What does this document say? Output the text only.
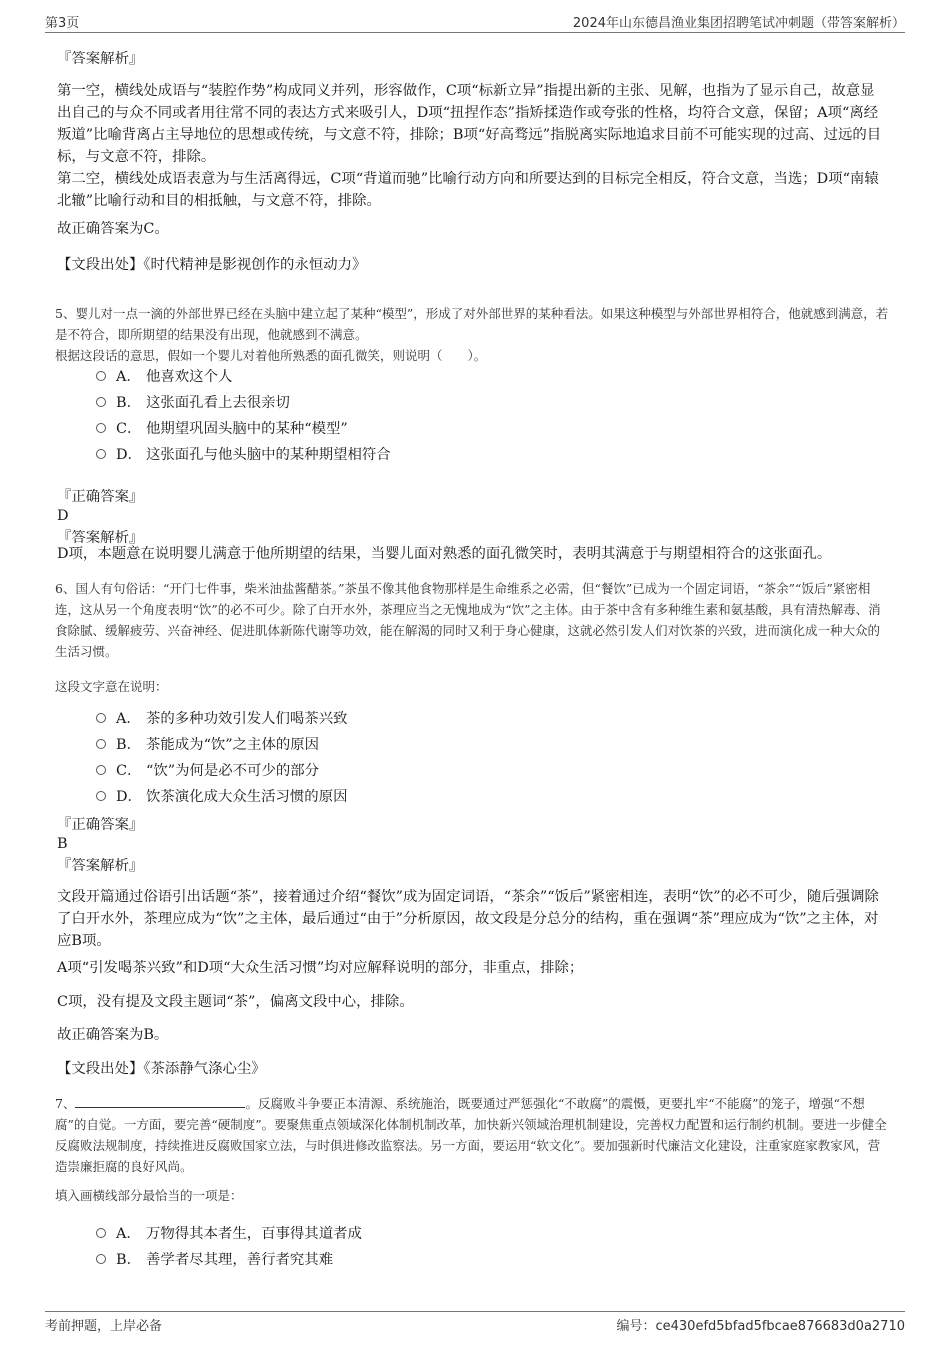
第3页	2024年山东德昌渔业集团招聘笔试冲刺题（带答案解析）
『答案解析』
第一空，横线处成语与“装腔作势”构成同义并列，形容做作，C项“标新立异”指提出新的主张、见解，也指为了显示自己，故意显出自己的与众不同或者用往常不同的表达方式来吸引人，D项“扭捏作态”指矫揉造作或夸张的性格，均符合文意，保留；A项“离经叛道”比喻背离占主导地位的思想或传统，与文意不符，排除；B项“好高骛远”指脱离实际地追求目前不可能实现的过高、过远的目标，与文意不符，排除。
第二空，横线处成语表意为与生活离得远，C项“背道而驰”比喻行动方向和所要达到的目标完全相反，符合文意，当选；D项“南辕北辙”比喻行动和目的相抵触，与文意不符，排除。
故正确答案为C。
【文段出处】《时代精神是影视创作的永恒动力》
5、婴儿对一点一滴的外部世界已经在头脑中建立起了某种“模型”，形成了对外部世界的某种看法。如果这种模型与外部世界相符合，他就感到满意，若是不符合，即所期望的结果没有出现，他就感到不满意。
根据这段话的意思，假如一个婴儿对着他所熟悉的面孔微笑，则说明（　　）。
A． 他喜欢这个人
B． 这张面孔看上去很亲切
C． 他期望巩固头脑中的某种“模型”
D． 这张面孔与他头脑中的某种期望相符合
『正确答案』
D
『答案解析』
D项，本题意在说明婴儿满意于他所期望的结果，当婴儿面对熟悉的面孔微笑时，表明其满意于与期望相符合的这张面孔。
6、国人有句俗话：“开门七件事，柴米油盐酱醋茶。”茶虽不像其他食物那样是生命维系之必需，但“餐饮”已成为一个固定词语，“茶余”“饭后”紧密相连，这从另一个角度表明“饮”的必不可少。除了白开水外，茶理应当之无愧地成为“饮”之主体。由于茶中含有多种维生素和氨基酸，具有清热解毒、消食除腻、缓解疲劳、兴奋神经、促进肌体新陈代谢等功效，能在解渴的同时又利于身心健康，这就必然引发人们对饮茶的兴致，进而演化成一种大众的生活习惯。
这段文字意在说明：
A． 茶的多种功效引发人们喝茶兴致
B． 茶能成为“饮”之主体的原因
C． “饮”为何是必不可少的部分
D． 饮茶演化成大众生活习惯的原因
『正确答案』
B
『答案解析』
文段开篇通过俗语引出话题“茶”，接着通过介绍“餐饮”成为固定词语，“茶余”“饭后”紧密相连，表明“饮”的必不可少，随后强调除了白开水外，茶理应成为“饮”之主体，最后通过“由于”分析原因，故文段是分总分的结构，重在强调“茶”理应成为“饮”之主体，对应B项。
A项“引发喝茶兴致”和D项“大众生活习惯”均对应解释说明的部分，非重点，排除；
C项，没有提及文段主题词“茶”，偏离文段中心，排除。
故正确答案为B。
【文段出处】《茶添静气涤心尘》
7、	。反腐败斗争要正本清源、系统施治，既要通过严惩强化“不敢腐”的震慑，更要扎牢“不能腐”的笼子，增强“不想腐”的自觉。一方面，要完善“硬制度”。要聚焦重点领域深化体制机制改革，加快新兴领域治理机制建设，完善权力配置和运行制约机制。要进一步健全反腐败法规制度，持续推进反腐败国家立法，与时俱进修改监察法。另一方面，要运用“软文化”。要加强新时代廉洁文化建设，注重家庭家教家风，营造崇廉拒腐的良好风尚。
填入画横线部分最恰当的一项是：
A． 万物得其本者生，百事得其道者成
B． 善学者尽其理，善行者究其难
考前押题，上岸必备	编号：ce430efd5bfad5fbcae876683d0a2710
